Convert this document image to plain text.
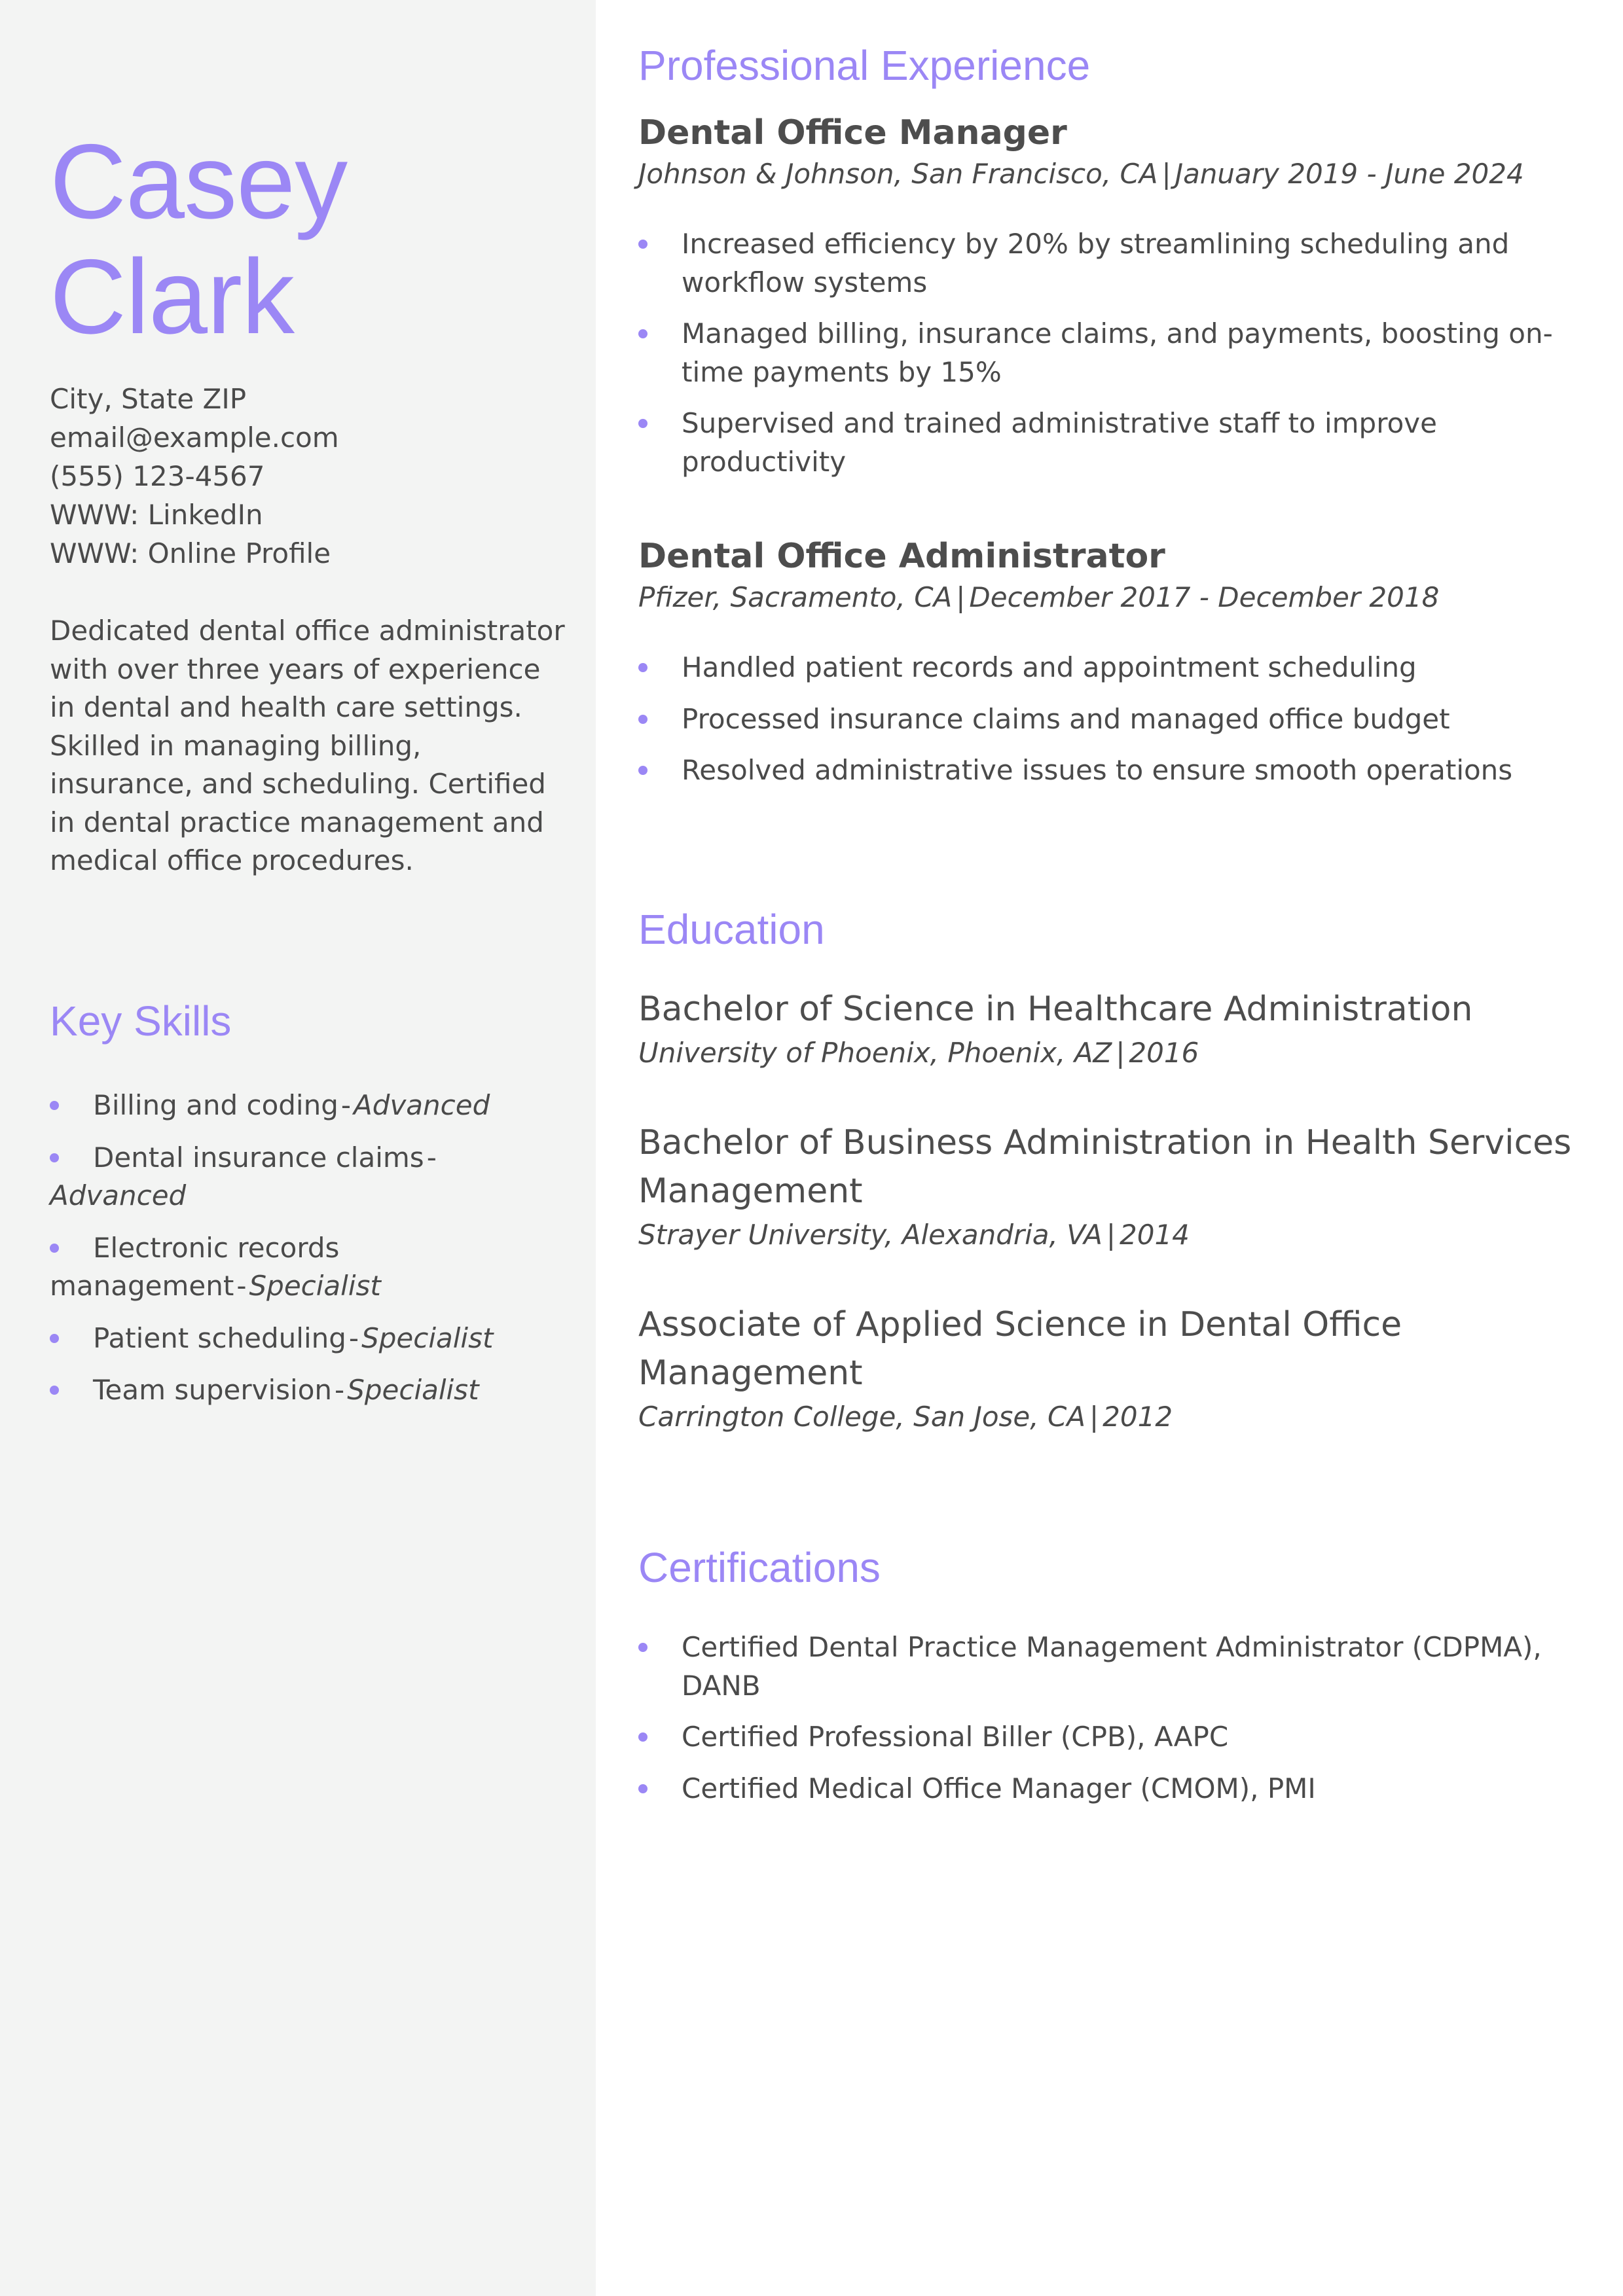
Casey
Clark
City, State ZIP
email@example.com
(555) 123-4567
WWW: LinkedIn
WWW: Online Profile

Dedicated dental office administrator with over three years of experience in dental and health care settings. Skilled in managing billing, insurance, and scheduling. Certified in dental practice management and medical office procedures.

Key Skills
Billing and coding-Advanced
Dental insurance claims-Advanced
Electronic records management-Specialist
Patient scheduling-Specialist
Team supervision-Specialist
Professional Experience
Dental Office Manager

Johnson & Johnson, San Francisco, CA | January 2019 - June 2024

Increased efficiency by 20% by streamlining scheduling and workflow systems
Managed billing, insurance claims, and payments, boosting on-time payments by 15%
Supervised and trained administrative staff to improve productivity
Dental Office Administrator

Pfizer, Sacramento, CA | December 2017 - December 2018

Handled patient records and appointment scheduling
Processed insurance claims and managed office budget
Resolved administrative issues to ensure smooth operations
Education

Bachelor of Science in Healthcare Administration

University of Phoenix, Phoenix, AZ | 2016

Bachelor of Business Administration in Health Services Management

Strayer University, Alexandria, VA | 2014

Associate of Applied Science in Dental Office Management

Carrington College, San Jose, CA | 2012

Certifications
Certified Dental Practice Management Administrator (CDPMA), DANB
Certified Professional Biller (CPB), AAPC
Certified Medical Office Manager (CMOM), PMI
